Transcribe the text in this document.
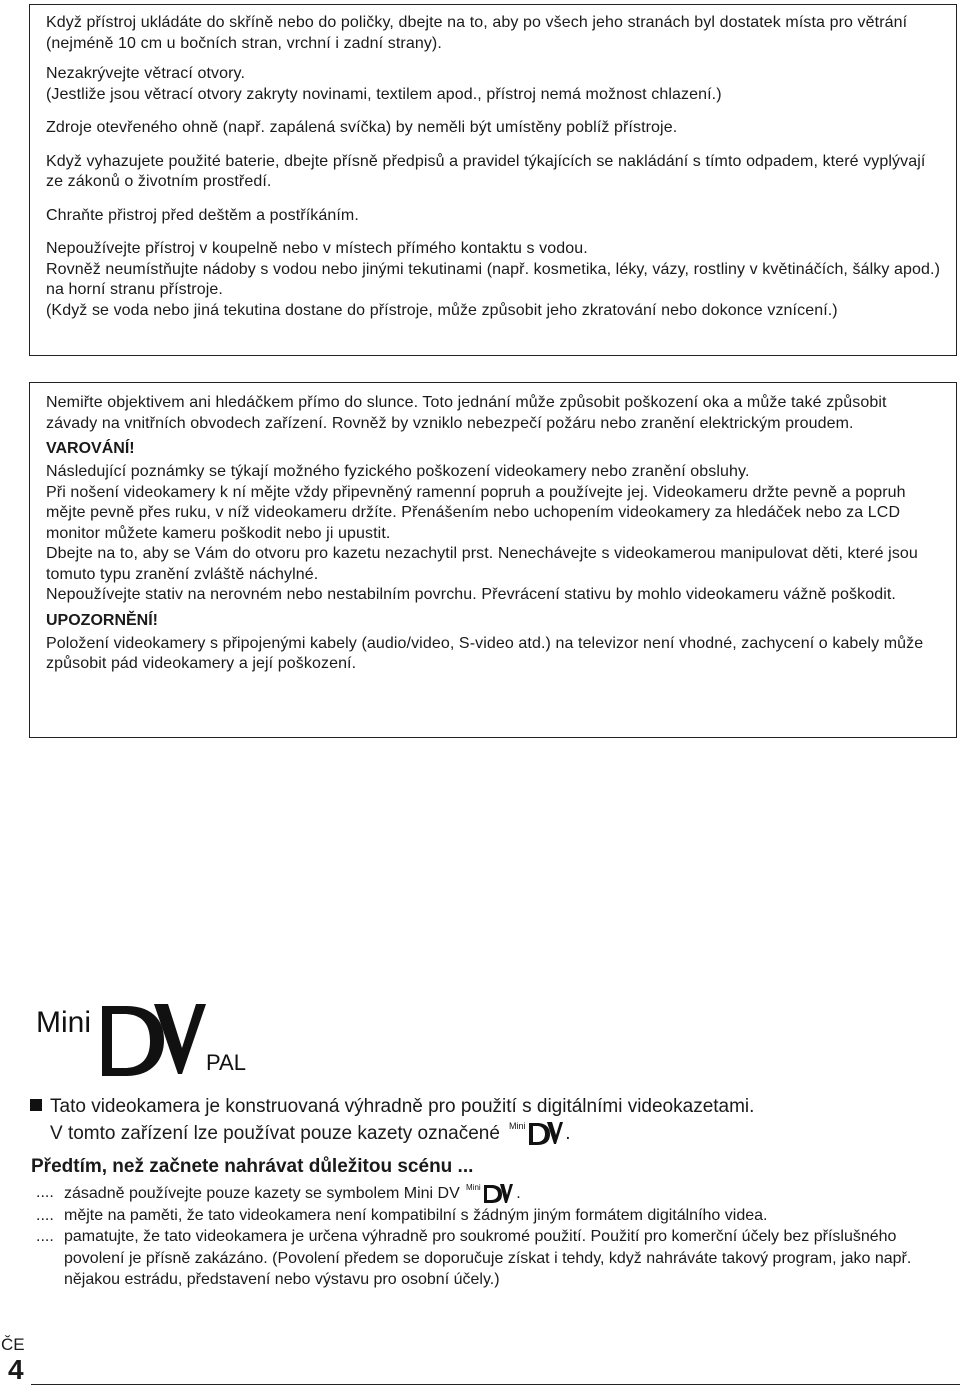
Když přístroj ukládáte do skříně nebo do poličky, dbejte na to, aby po všech jeho stranách byl dostatek místa pro větrání (nejméně 10 cm u bočních stran, vrchní i zadní strany).

Nezakrývejte větrací otvory.

(Jestliže jsou větrací otvory zakryty novinami, textilem apod., přístroj nemá možnost chlazení.)

Zdroje otevřeného ohně (např. zapálená svíčka) by neměli být umístěny poblíž přístroje.

Když vyhazujete použité baterie, dbejte přísně předpisů a pravidel týkajících se nakládání s tímto odpadem, které vyplývají ze zákonů o životním prostředí.

Chraňte přistroj před deštěm a postříkáním.

Nepoužívejte přístroj v koupelně nebo v místech přímého kontaktu s vodou.

Rovněž neumístňujte nádoby s vodou nebo jinými tekutinami (např. kosmetika, léky, vázy, rostliny v květináčích, šálky apod.) na horní stranu přístroje.

(Když se voda nebo jiná tekutina dostane do přístroje, může způsobit jeho zkratování nebo dokonce vznícení.)

Nemiřte objektivem ani hledáčkem přímo do slunce. Toto jednání může způsobit poškození oka a může také způsobit závady na vnitřních obvodech zařízení. Rovněž by vzniklo nebezpečí požáru nebo zranění elektrickým proudem.

VAROVÁNÍ!

Následující poznámky se týkají možného fyzického poškození videokamery nebo zranění obsluhy.

Při nošení videokamery k ní mějte vždy připevněný ramenní popruh a používejte jej. Videokameru držte pevně a popruh mějte pevně přes ruku, v níž videokameru držíte. Přenášením nebo uchopením videokamery za hledáček nebo za LCD monitor můžete kameru poškodit nebo ji upustit.

Dbejte na to, aby se Vám do otvoru pro kazetu nezachytil prst. Nenechávejte s videokamerou manipulovat děti, které jsou tomuto typu zranění zvláště náchylné.

Nepoužívejte stativ na nerovném nebo nestabilním povrchu. Převrácení stativu by mohlo videokameru vážně poškodit.

UPOZORNĚNÍ!

Položení videokamery s připojenými kabely (audio/video, S-video atd.) na televizor není vhodné, zachycení o kabely může způsobit pád videokamery a její poškození.

Mini
PAL

Tato videokamera je konstruovaná výhradně pro použití s digitálními videokazetami.

V tomto zařízení lze používat pouze kazety označené Mini .

Předtím, než začnete nahrávat důležitou scénu ...

.... zásadně používejte pouze kazety se symbolem Mini DV Mini .
.... mějte na paměti, že tato videokamera není kompatibilní s žádným jiným formátem digitálního videa.
.... pamatujte, že tato videokamera je určena výhradně pro soukromé použití. Použití pro komerční účely bez příslušného povolení je přísně zakázáno. (Povolení předem se doporučuje získat i tehdy, když nahráváte takový program, jako např. nějakou estrádu, představení nebo výstavu pro osobní účely.)

ČE

4
